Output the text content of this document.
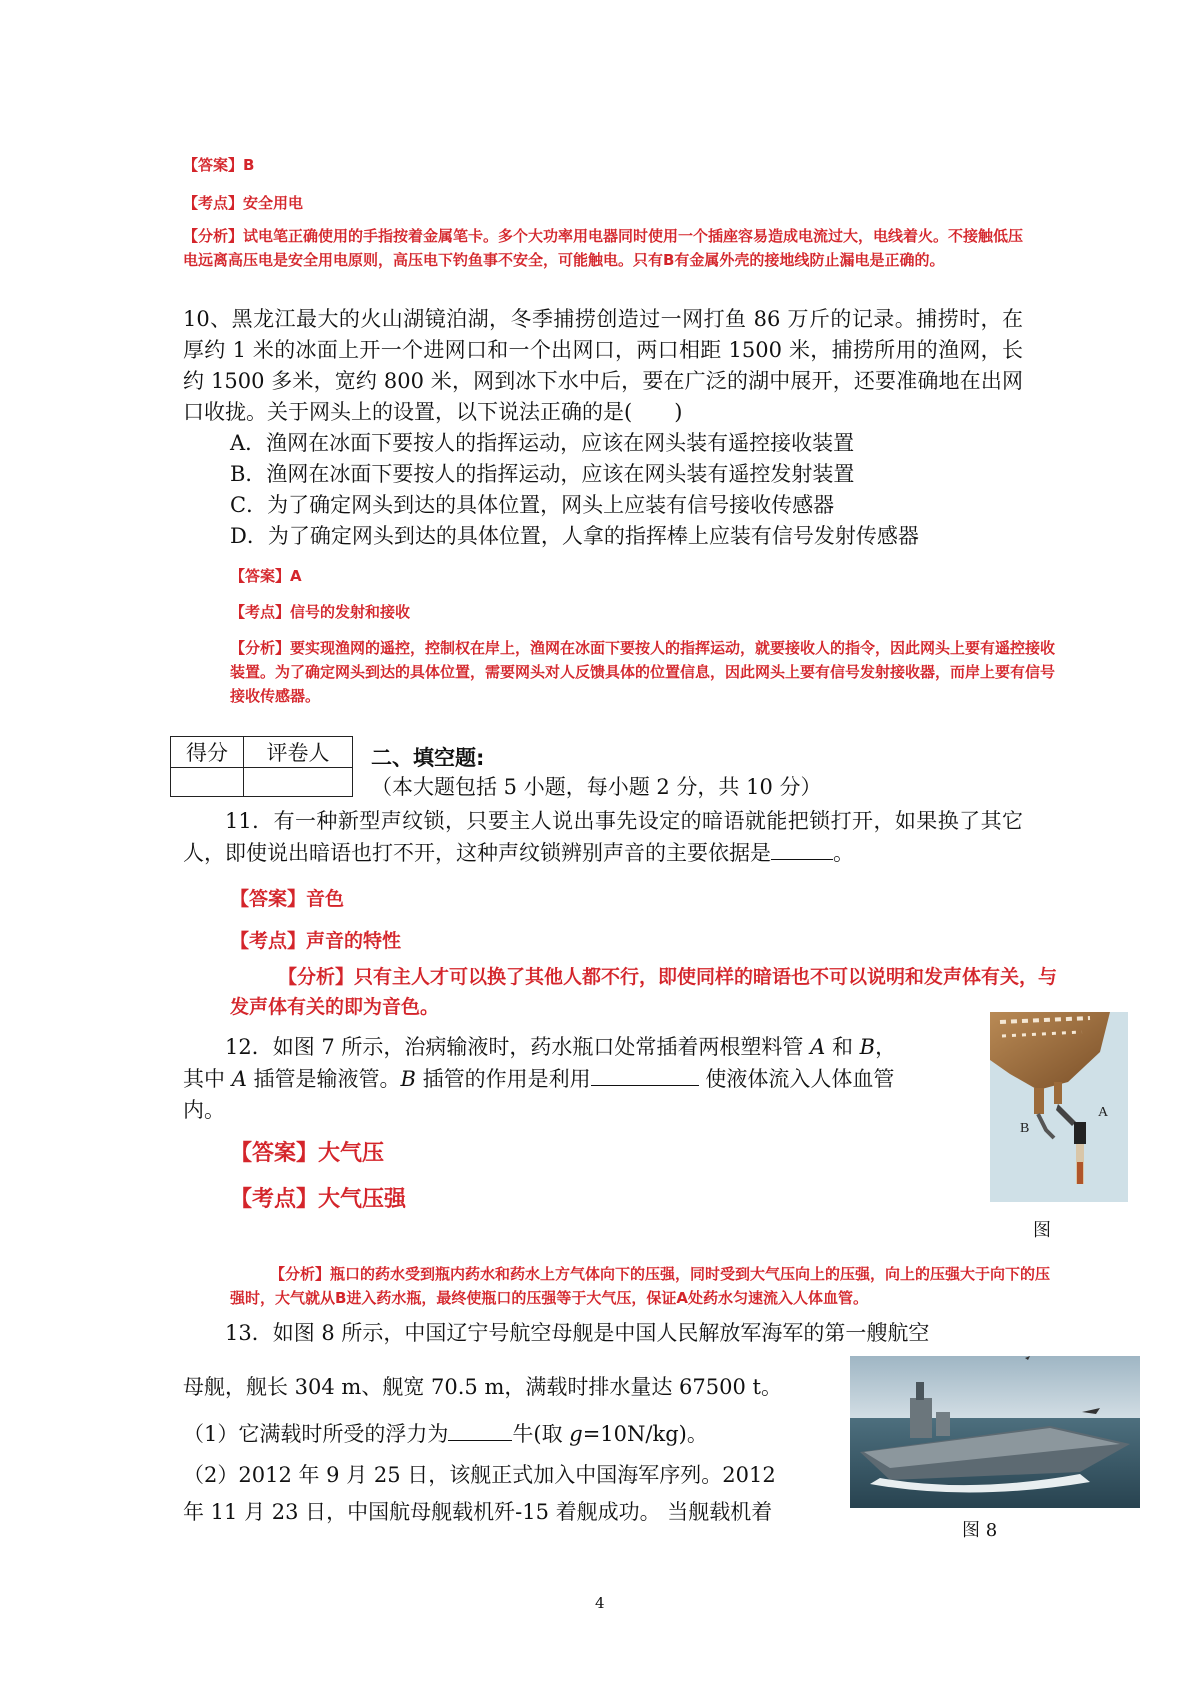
【答案】B
【考点】安全用电
【分析】试电笔正确使用的手指按着金属笔卡。多个大功率用电器同时使用一个插座容易造成电流过大，电线着火。不接触低压电远离高压电是安全用电原则，高压电下钓鱼事不安全，可能触电。只有B有金属外壳的接地线防止漏电是正确的。
10、黑龙江最大的火山湖镜泊湖，冬季捕捞创造过一网打鱼 86 万斤的记录。捕捞时，在厚约 1 米的冰面上开一个进网口和一个出网口，两口相距 1500 米，捕捞所用的渔网，长约 1500 多米，宽约 800 米，网到冰下水中后，要在广泛的湖中展开，还要准确地在出网口收拢。关于网头上的设置，以下说法正确的是(　　)
A．渔网在冰面下要按人的指挥运动，应该在网头装有遥控接收装置
B．渔网在冰面下要按人的指挥运动，应该在网头装有遥控发射装置
C．为了确定网头到达的具体位置，网头上应装有信号接收传感器
D．为了确定网头到达的具体位置，人拿的指挥棒上应装有信号发射传感器
【答案】A
【考点】信号的发射和接收
【分析】要实现渔网的遥控，控制权在岸上，渔网在冰面下要按人的指挥运动，就要接收人的指令，因此网头上要有遥控接收装置。为了确定网头到达的具体位置，需要网头对人反馈具体的位置信息，因此网头上要有信号发射接收器，而岸上要有信号接收传感器。
得分	评卷人
	二、填空题:
（本大题包括 5 小题，每小题 2 分，共 10 分）
11．有一种新型声纹锁，只要主人说出事先设定的暗语就能把锁打开，如果换了其它人，即使说出暗语也打不开，这种声纹锁辨别声音的主要依据是	。
【答案】音色
【考点】声音的特性
【分析】只有主人才可以换了其他人都不行，即使同样的暗语也不可以说明和发声体有关，与发声体有关的即为音色。
12．如图 7 所示，治病输液时，药水瓶口处常插着两根塑料管 A 和 B，
其中 A 插管是输液管。B 插管的作用是利用	使液体流入人体血管
内。
【答案】大气压
【考点】大气压强
【分析】瓶口的药水受到瓶内药水和药水上方气体向下的压强，同时受到大气压向上的压强，向上的压强大于向下的压强时，大气就从B进入药水瓶，最终使瓶口的压强等于大气压，保证A处药水匀速流入人体血管。
A
B
图
13．如图 8 所示，中国辽宁号航空母舰是中国人民解放军海军的第一艘航空
母舰，舰长 304 m、舰宽 70.5 m，满载时排水量达 67500 t。
（1）它满载时所受的浮力为	牛(取 g=10N/kg)。
（2）2012 年 9 月 25 日，该舰正式加入中国海军序列。2012
年 11 月 23 日，中国航母舰载机歼-15 着舰成功。 当舰载机着
图 8
4
